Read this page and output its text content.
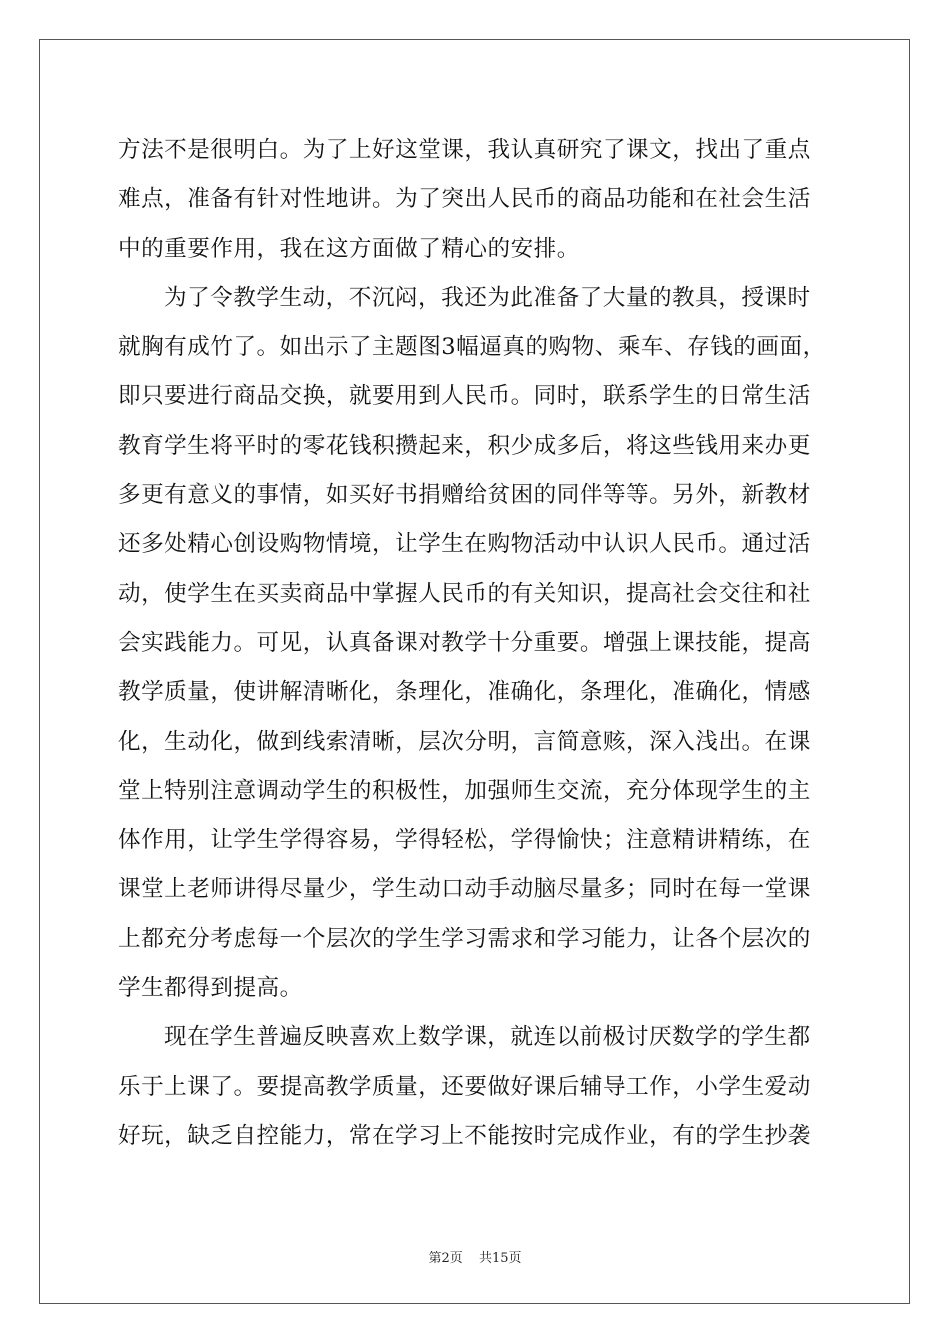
方法不是很明白。为了上好这堂课，我认真研究了课文，找出了重点
难点，准备有针对性地讲。为了突出人民币的商品功能和在社会生活
中的重要作用，我在这方面做了精心的安排。
为了令教学生动，不沉闷，我还为此准备了大量的教具，授课时
就胸有成竹了。如出示了主题图3幅逼真的购物、乘车、存钱的画面，
即只要进行商品交换，就要用到人民币。同时，联系学生的日常生活
教育学生将平时的零花钱积攒起来，积少成多后，将这些钱用来办更
多更有意义的事情，如买好书捐赠给贫困的同伴等等。另外，新教材
还多处精心创设购物情境，让学生在购物活动中认识人民币。通过活
动，使学生在买卖商品中掌握人民币的有关知识，提高社会交往和社
会实践能力。可见，认真备课对教学十分重要。增强上课技能，提高
教学质量，使讲解清晰化，条理化，准确化，条理化，准确化，情感
化，生动化，做到线索清晰，层次分明，言简意赅，深入浅出。在课
堂上特别注意调动学生的积极性，加强师生交流，充分体现学生的主
体作用，让学生学得容易，学得轻松，学得愉快；注意精讲精练，在
课堂上老师讲得尽量少，学生动口动手动脑尽量多；同时在每一堂课
上都充分考虑每一个层次的学生学习需求和学习能力，让各个层次的
学生都得到提高。
现在学生普遍反映喜欢上数学课，就连以前极讨厌数学的学生都
乐于上课了。要提高教学质量，还要做好课后辅导工作，小学生爱动
好玩，缺乏自控能力，常在学习上不能按时完成作业，有的学生抄袭
第2页 共15页
